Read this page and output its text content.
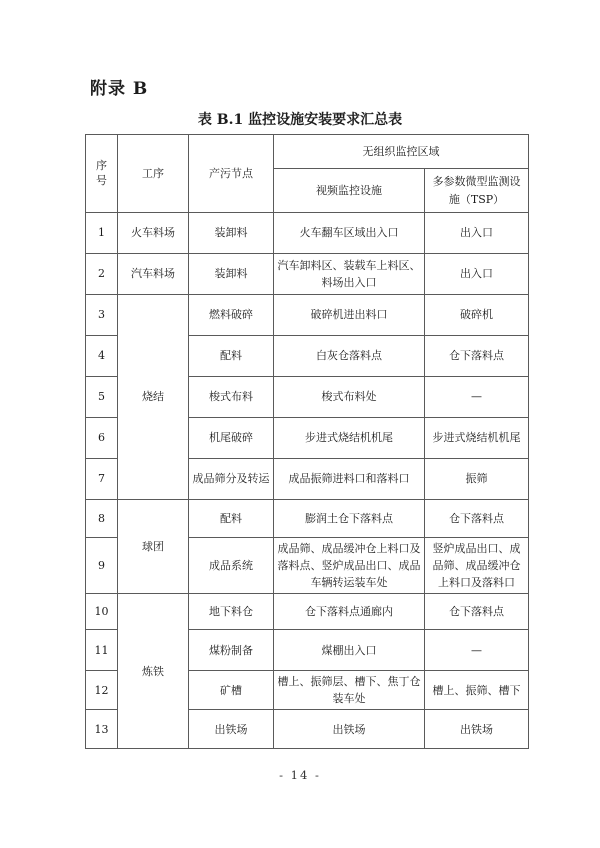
附录 B
表 B.1 监控设施安装要求汇总表
序号	工序	产污节点	无组织监控区域	
			视频监控设施	多参数微型监测设施（TSP）
1	火车料场	装卸料	火车翻车区域出入口	出入口
2	汽车料场	装卸料	汽车卸料区、装载车上料区、料场出入口	出入口
3	烧结	燃料破碎	破碎机进出料口	破碎机
4		配料	白灰仓落料点	仓下落料点
5		梭式布料	梭式布料处	—
6		机尾破碎	步进式烧结机机尾	步进式烧结机机尾
7		成品筛分及转运	成品振筛进料口和落料口	振筛
8	球团	配料	膨润土仓下落料点	仓下落料点
9		成品系统	成品筛、成品缓冲仓上料口及落料点、竖炉成品出口、成品车辆转运装车处	竖炉成品出口、成品筛、成品缓冲仓上料口及落料口
10	炼铁	地下料仓	仓下落料点通廊内	仓下落料点
11		煤粉制备	煤棚出入口	—
12		矿槽	槽上、振筛层、槽下、焦丁仓装车处	槽上、振筛、槽下
13		出铁场	出铁场	出铁场
- 14 -
